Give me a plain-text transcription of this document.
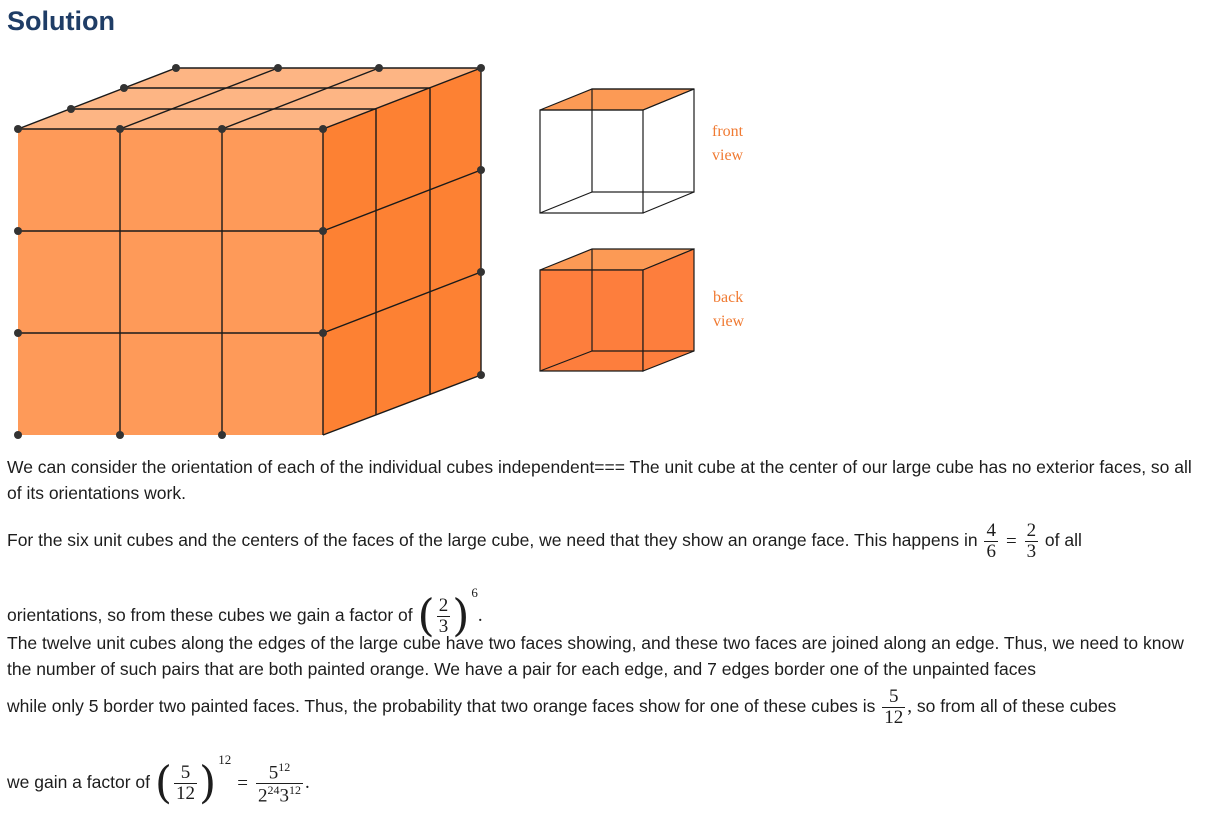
Solution
front
view
back
view

We can consider the orientation of each of the individual cubes independent=== The unit cube at the center of our large cube has no exterior faces, so all of its orientations work.

For the six unit cubes and the centers of the faces of the large cube, we need that they show an orange face. This happens in $\frac{4}{6} = \frac{2}{3}$ of all

orientations, so from these cubes we gain a factor of ( $\frac{2}{3}$ ) $^6$.

The twelve unit cubes along the edges of the large cube have two faces showing, and these two faces are joined along an edge. Thus, we need to know the number of such pairs that are both painted orange. We have a pair for each edge, and 7 edges border one of the unpainted faces

while only 5 border two painted faces. Thus, the probability that two orange faces show for one of these cubes is $\frac{5}{12}$ , so from all of these cubes

we gain a factor of ( $\frac{5}{12}$ ) $^{12}= \frac{5^{12}}{2^{24}3^{12}}$ .
